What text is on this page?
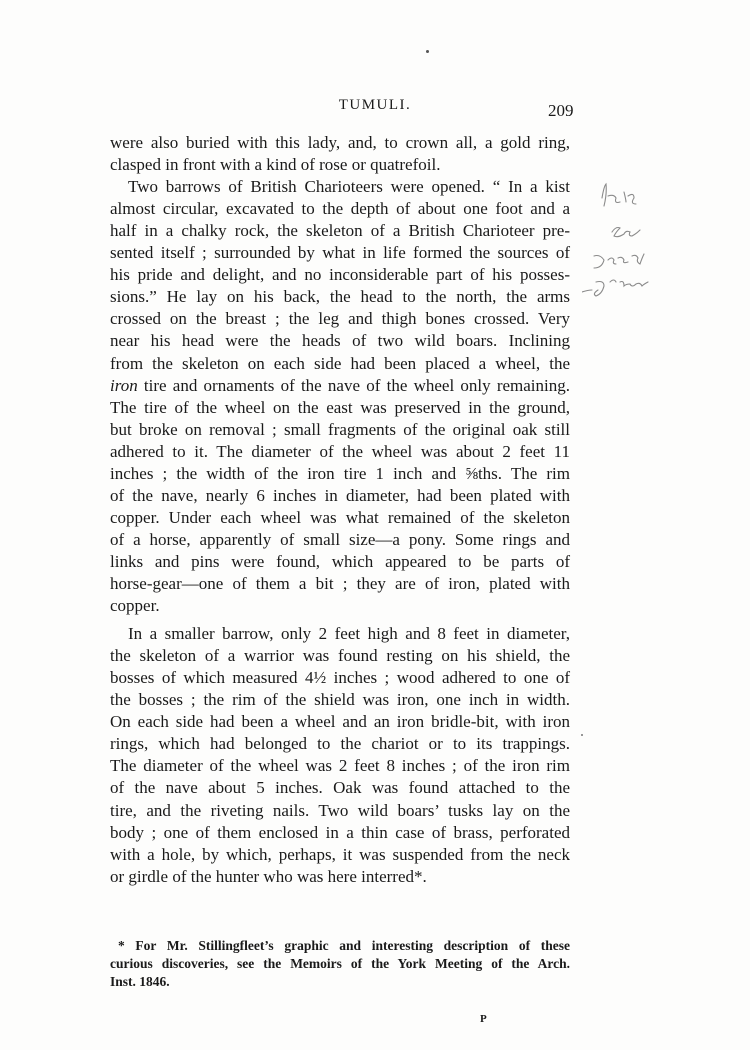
TUMULI.	209
were also buried with this lady, and, to crown all, a gold ring,
clasped in front with a kind of rose or quatrefoil.
Two barrows of British Charioteers were opened. “ In a kist
almost circular, excavated to the depth of about one foot and a
half in a chalky rock, the skeleton of a British Charioteer pre-
sented itself ; surrounded by what in life formed the sources of
his pride and delight, and no inconsiderable part of his posses-
sions.” He lay on his back, the head to the north, the arms
crossed on the breast ; the leg and thigh bones crossed. Very
near his head were the heads of two wild boars. Inclining
from the skeleton on each side had been placed a wheel, the
iron tire and ornaments of the nave of the wheel only remaining.
The tire of the wheel on the east was preserved in the ground,
but broke on removal ; small fragments of the original oak still
adhered to it. The diameter of the wheel was about 2 feet 11
inches ; the width of the iron tire 1 inch and ⅝ths. The rim
of the nave, nearly 6 inches in diameter, had been plated with
copper. Under each wheel was what remained of the skeleton
of a horse, apparently of small size—a pony. Some rings and
links and pins were found, which appeared to be parts of
horse-gear—one of them a bit ; they are of iron, plated with
copper.
In a smaller barrow, only 2 feet high and 8 feet in diameter,
the skeleton of a warrior was found resting on his shield, the
bosses of which measured 4½ inches ; wood adhered to one of
the bosses ; the rim of the shield was iron, one inch in width.
On each side had been a wheel and an iron bridle-bit, with iron
rings, which had belonged to the chariot or to its trappings.
The diameter of the wheel was 2 feet 8 inches ; of the iron rim
of the nave about 5 inches. Oak was found attached to the
tire, and the riveting nails. Two wild boars’ tusks lay on the
body ; one of them enclosed in a thin case of brass, perforated
with a hole, by which, perhaps, it was suspended from the neck
or girdle of the hunter who was here interred*.
* For Mr. Stillingfleet’s graphic and interesting description of these
curious discoveries, see the Memoirs of the York Meeting of the Arch.
Inst. 1846.
P
